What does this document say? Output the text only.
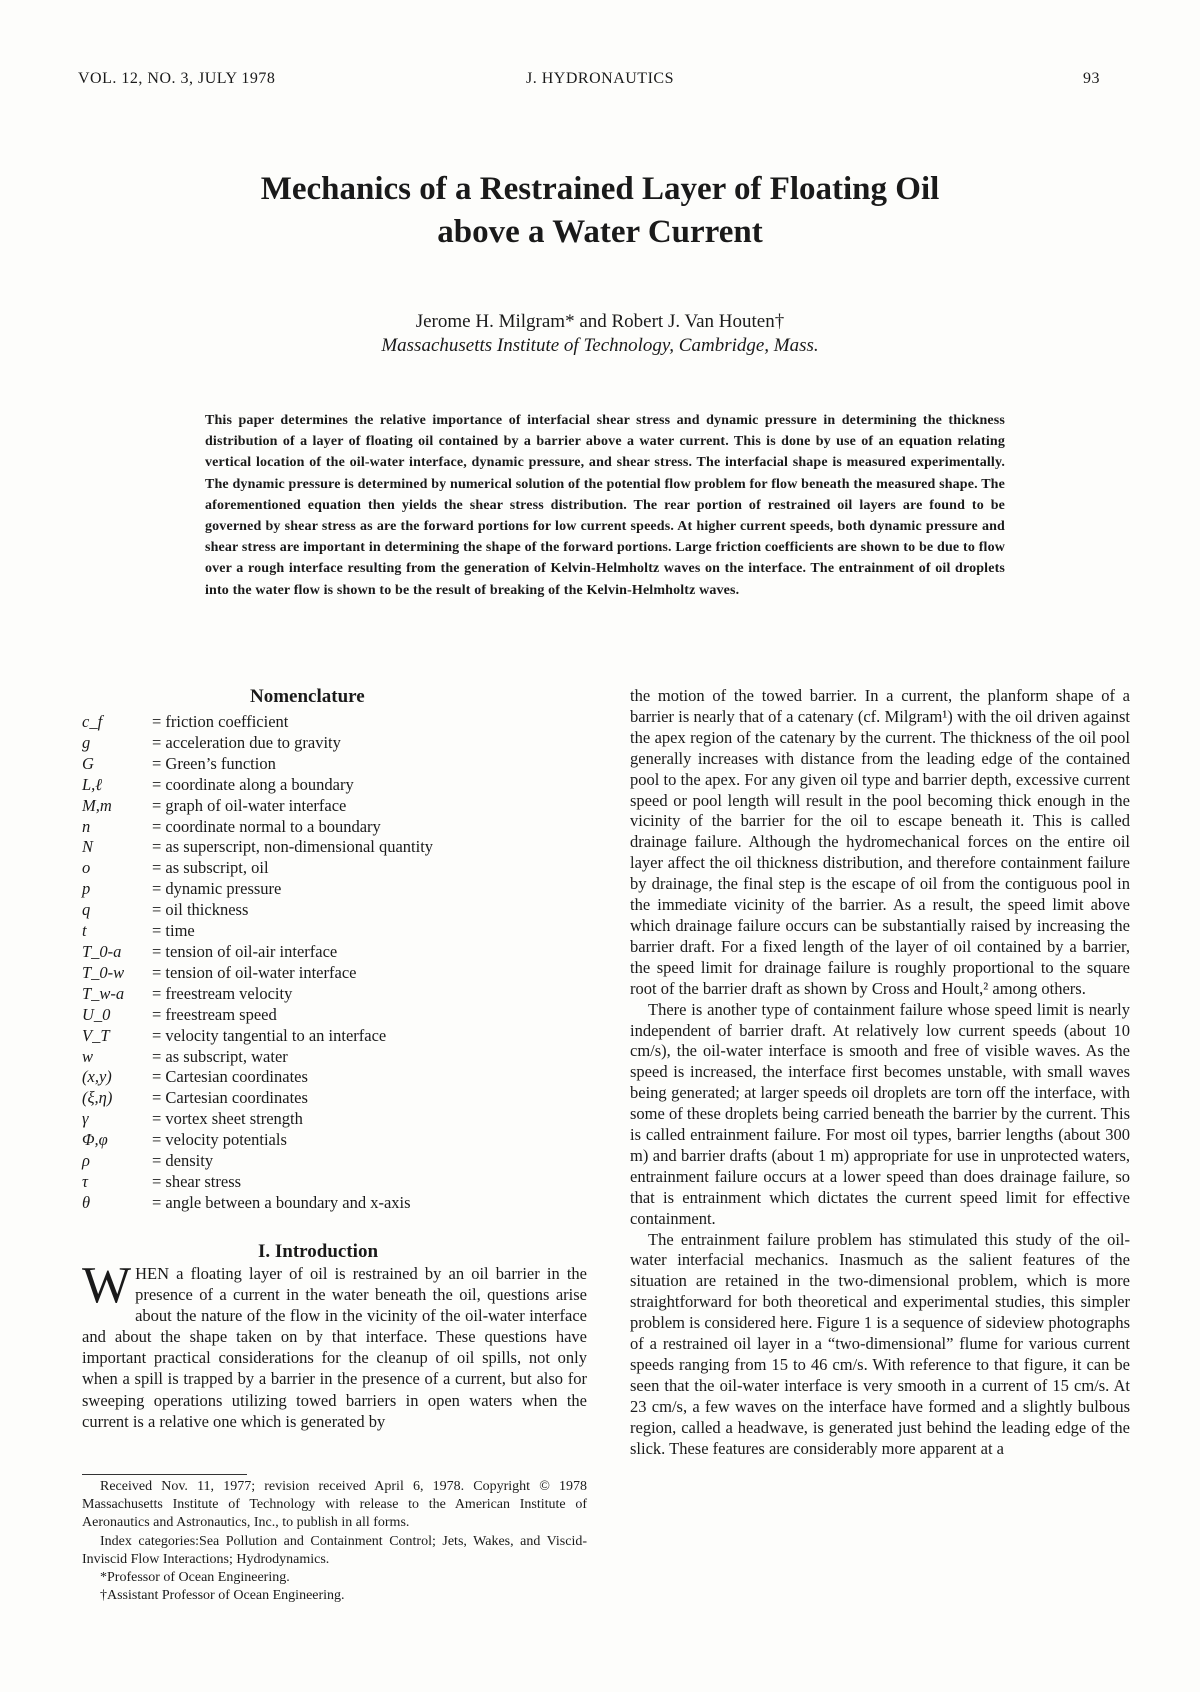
VOL. 12, NO. 3, JULY 1978	J. HYDRONAUTICS	93
Mechanics of a Restrained Layer of Floating Oil
above a Water Current
Jerome H. Milgram* and Robert J. Van Houten†
Massachusetts Institute of Technology, Cambridge, Mass.
This paper determines the relative importance of interfacial shear stress and dynamic pressure in determining the thickness distribution of a layer of floating oil contained by a barrier above a water current. This is done by use of an equation relating vertical location of the oil-water interface, dynamic pressure, and shear stress. The interfacial shape is measured experimentally. The dynamic pressure is determined by numerical solution of the potential flow problem for flow beneath the measured shape. The aforementioned equation then yields the shear stress distribution. The rear portion of restrained oil layers are found to be governed by shear stress as are the forward portions for low current speeds. At higher current speeds, both dynamic pressure and shear stress are important in determining the shape of the forward portions. Large friction coefficients are shown to be due to flow over a rough interface resulting from the generation of Kelvin-Helmholtz waves on the interface. The entrainment of oil droplets into the water flow is shown to be the result of breaking of the Kelvin-Helmholtz waves.
Nomenclature
c_f	= friction coefficient
g	= acceleration due to gravity
G	= Green’s function
L,ℓ	= coordinate along a boundary
M,m	= graph of oil-water interface
n	= coordinate normal to a boundary
N	= as superscript, non-dimensional quantity
o	= as subscript, oil
p	= dynamic pressure
q	= oil thickness
t	= time
T_0-a	= tension of oil-air interface
T_0-w	= tension of oil-water interface
T_w-a	= freestream velocity
U_0	= freestream speed
V_T	= velocity tangential to an interface
w	= as subscript, water
(x,y)	= Cartesian coordinates
(ξ,η)	= Cartesian coordinates
γ	= vortex sheet strength
Φ,φ	= velocity potentials
ρ	= density
τ	= shear stress
θ	= angle between a boundary and x-axis
I. Introduction
WHEN a floating layer of oil is restrained by an oil barrier in the presence of a current in the water beneath the oil, questions arise about the nature of the flow in the vicinity of the oil-water interface and about the shape taken on by that interface. These questions have important practical considerations for the cleanup of oil spills, not only when a spill is trapped by a barrier in the presence of a current, but also for sweeping operations utilizing towed barriers in open waters when the current is a relative one which is generated by

Received Nov. 11, 1977; revision received April 6, 1978. Copyright © 1978 Massachusetts Institute of Technology with release to the American Institute of Aeronautics and Astronautics, Inc., to publish in all forms.

Index categories:Sea Pollution and Containment Control; Jets, Wakes, and Viscid-Inviscid Flow Interactions; Hydrodynamics.

*Professor of Ocean Engineering.

†Assistant Professor of Ocean Engineering.

the motion of the towed barrier. In a current, the planform shape of a barrier is nearly that of a catenary (cf. Milgram¹) with the oil driven against the apex region of the catenary by the current. The thickness of the oil pool generally increases with distance from the leading edge of the contained pool to the apex. For any given oil type and barrier depth, excessive current speed or pool length will result in the pool becoming thick enough in the vicinity of the barrier for the oil to escape beneath it. This is called drainage failure. Although the hydromechanical forces on the entire oil layer affect the oil thickness distribution, and therefore containment failure by drainage, the final step is the escape of oil from the contiguous pool in the immediate vicinity of the barrier. As a result, the speed limit above which drainage failure occurs can be substantially raised by increasing the barrier draft. For a fixed length of the layer of oil contained by a barrier, the speed limit for drainage failure is roughly proportional to the square root of the barrier draft as shown by Cross and Hoult,² among others.

There is another type of containment failure whose speed limit is nearly independent of barrier draft. At relatively low current speeds (about 10 cm/s), the oil-water interface is smooth and free of visible waves. As the speed is increased, the interface first becomes unstable, with small waves being generated; at larger speeds oil droplets are torn off the interface, with some of these droplets being carried beneath the barrier by the current. This is called entrainment failure. For most oil types, barrier lengths (about 300 m) and barrier drafts (about 1 m) appropriate for use in unprotected waters, entrainment failure occurs at a lower speed than does drainage failure, so that is entrainment which dictates the current speed limit for effective containment.

The entrainment failure problem has stimulated this study of the oil-water interfacial mechanics. Inasmuch as the salient features of the situation are retained in the two-dimensional problem, which is more straightforward for both theoretical and experimental studies, this simpler problem is considered here. Figure 1 is a sequence of sideview photographs of a restrained oil layer in a “two-dimensional” flume for various current speeds ranging from 15 to 46 cm/s. With reference to that figure, it can be seen that the oil-water interface is very smooth in a current of 15 cm/s. At 23 cm/s, a few waves on the interface have formed and a slightly bulbous region, called a headwave, is generated just behind the leading edge of the slick. These features are considerably more apparent at a
